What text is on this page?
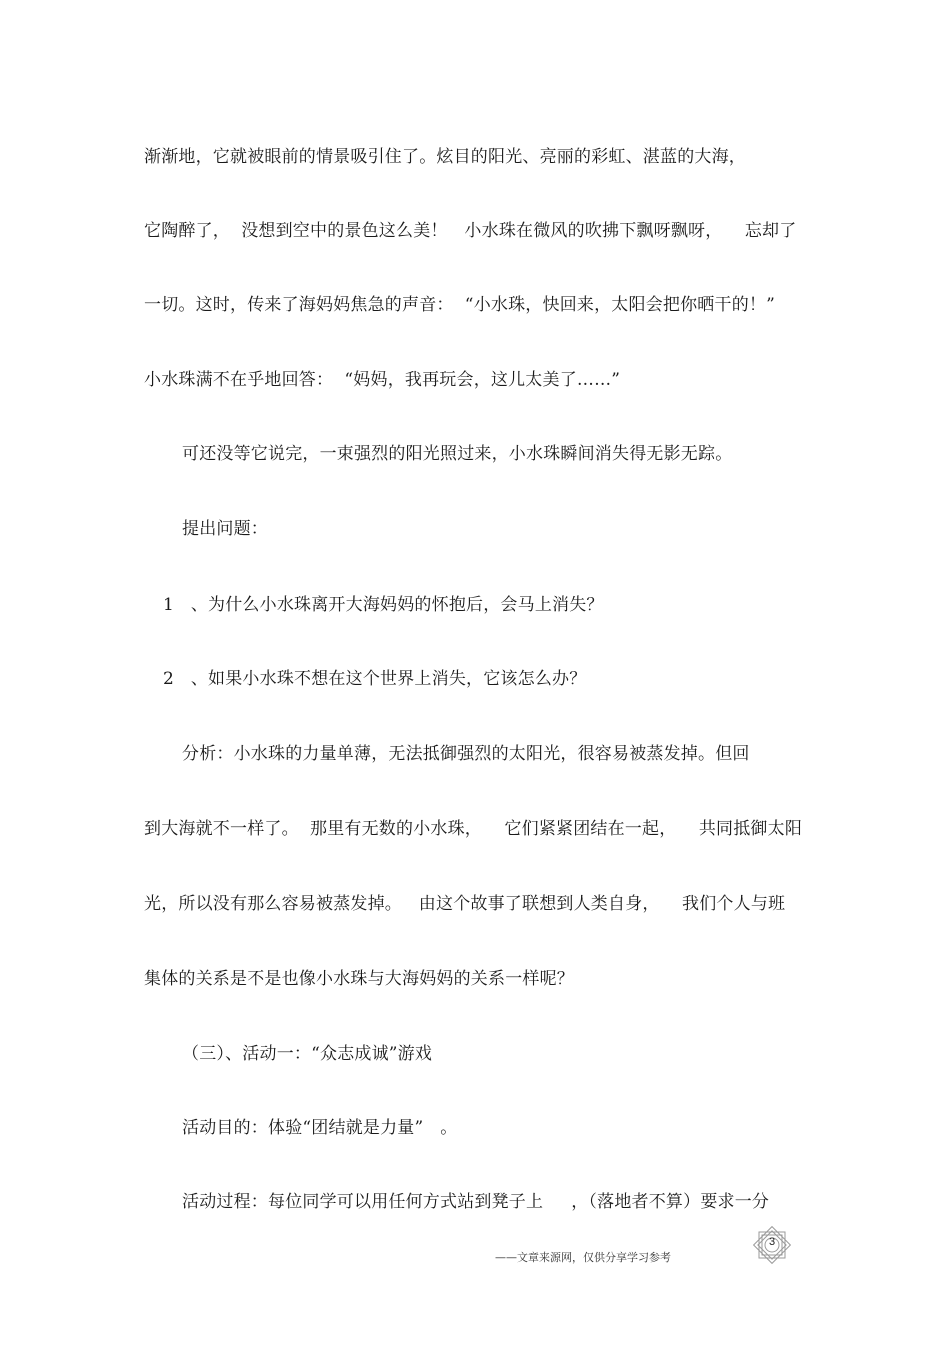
渐渐地，它就被眼前的情景吸引住了。炫目的阳光、亮丽的彩虹、湛蓝的大海，
它陶醉了，  没想到空中的景色这么美！   小水珠在微风的吹拂下飘呀飘呀，    忘却了
一切。这时，传来了海妈妈焦急的声音：  “小水珠，快回来，太阳会把你晒干的！”
小水珠满不在乎地回答：  “妈妈，我再玩会，这儿太美了……”
可还没等它说完，一束强烈的阳光照过来，小水珠瞬间消失得无影无踪。
提出问题：
1   、为什么小水珠离开大海妈妈的怀抱后，会马上消失？
2   、如果小水珠不想在这个世界上消失，它该怎么办？
分析：小水珠的力量单薄，无法抵御强烈的太阳光，很容易被蒸发掉。但回
到大海就不一样了。  那里有无数的小水珠，    它们紧紧团结在一起，    共同抵御太阳
光，所以没有那么容易被蒸发掉。   由这个故事了联想到人类自身，    我们个人与班
集体的关系是不是也像小水珠与大海妈妈的关系一样呢？
（三）、活动一：“众志成诚”游戏
活动目的：体验“团结就是力量”   。
活动过程：每位同学可以用任何方式站到凳子上     ，（落地者不算）要求一分
3
——文章来源网，仅供分享学习参考
